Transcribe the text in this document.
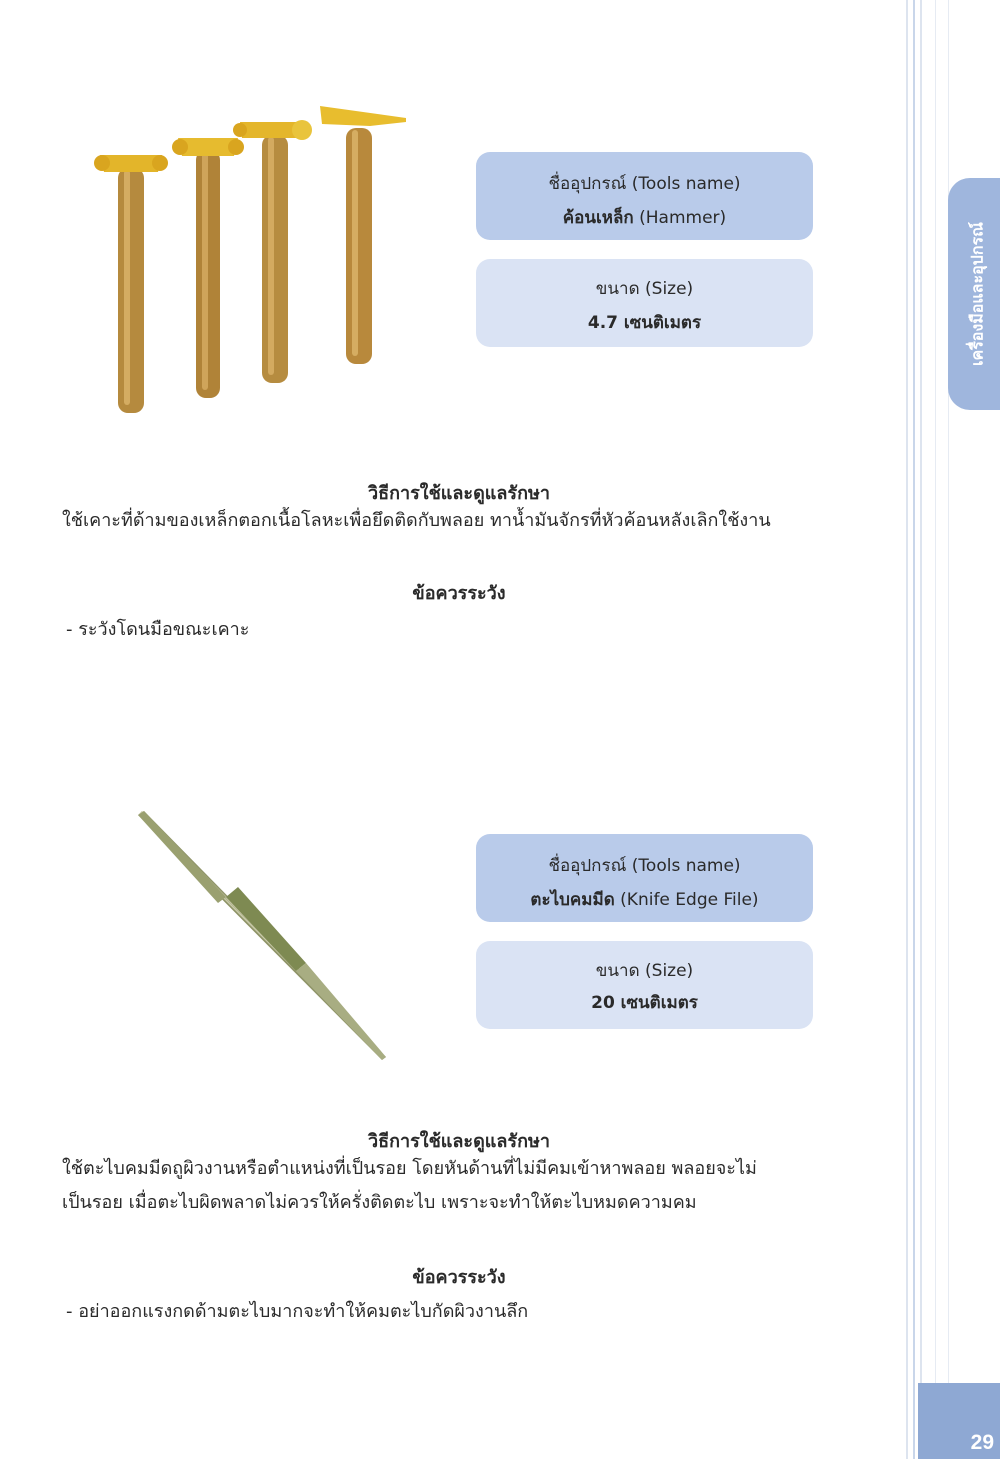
เครื่องมือและอุปกรณ์
29
ชื่ออุปกรณ์ (Tools name)
ค้อนเหล็ก (Hammer)
ขนาด (Size)
4.7 เซนติเมตร
วิธีการใช้และดูแลรักษา
ใช้เคาะที่ด้ามของเหล็กตอกเนื้อโลหะเพื่อยึดติดกับพลอย ทาน้ำมันจักรที่หัวค้อนหลังเลิกใช้งาน
ข้อควรระวัง
- ระวังโดนมือขณะเคาะ
ชื่ออุปกรณ์ (Tools name)
ตะไบคมมีด (Knife Edge File)
ขนาด (Size)
20 เซนติเมตร
วิธีการใช้และดูแลรักษา
ใช้ตะไบคมมีดถูผิวงานหรือตำแหน่งที่เป็นรอย โดยหันด้านที่ไม่มีคมเข้าหาพลอย พลอยจะไม่
เป็นรอย เมื่อตะไบผิดพลาดไม่ควรให้ครั่งติดตะไบ เพราะจะทำให้ตะไบหมดความคม
ข้อควรระวัง
- อย่าออกแรงกดด้ามตะไบมากจะทำให้คมตะไบกัดผิวงานลึก
